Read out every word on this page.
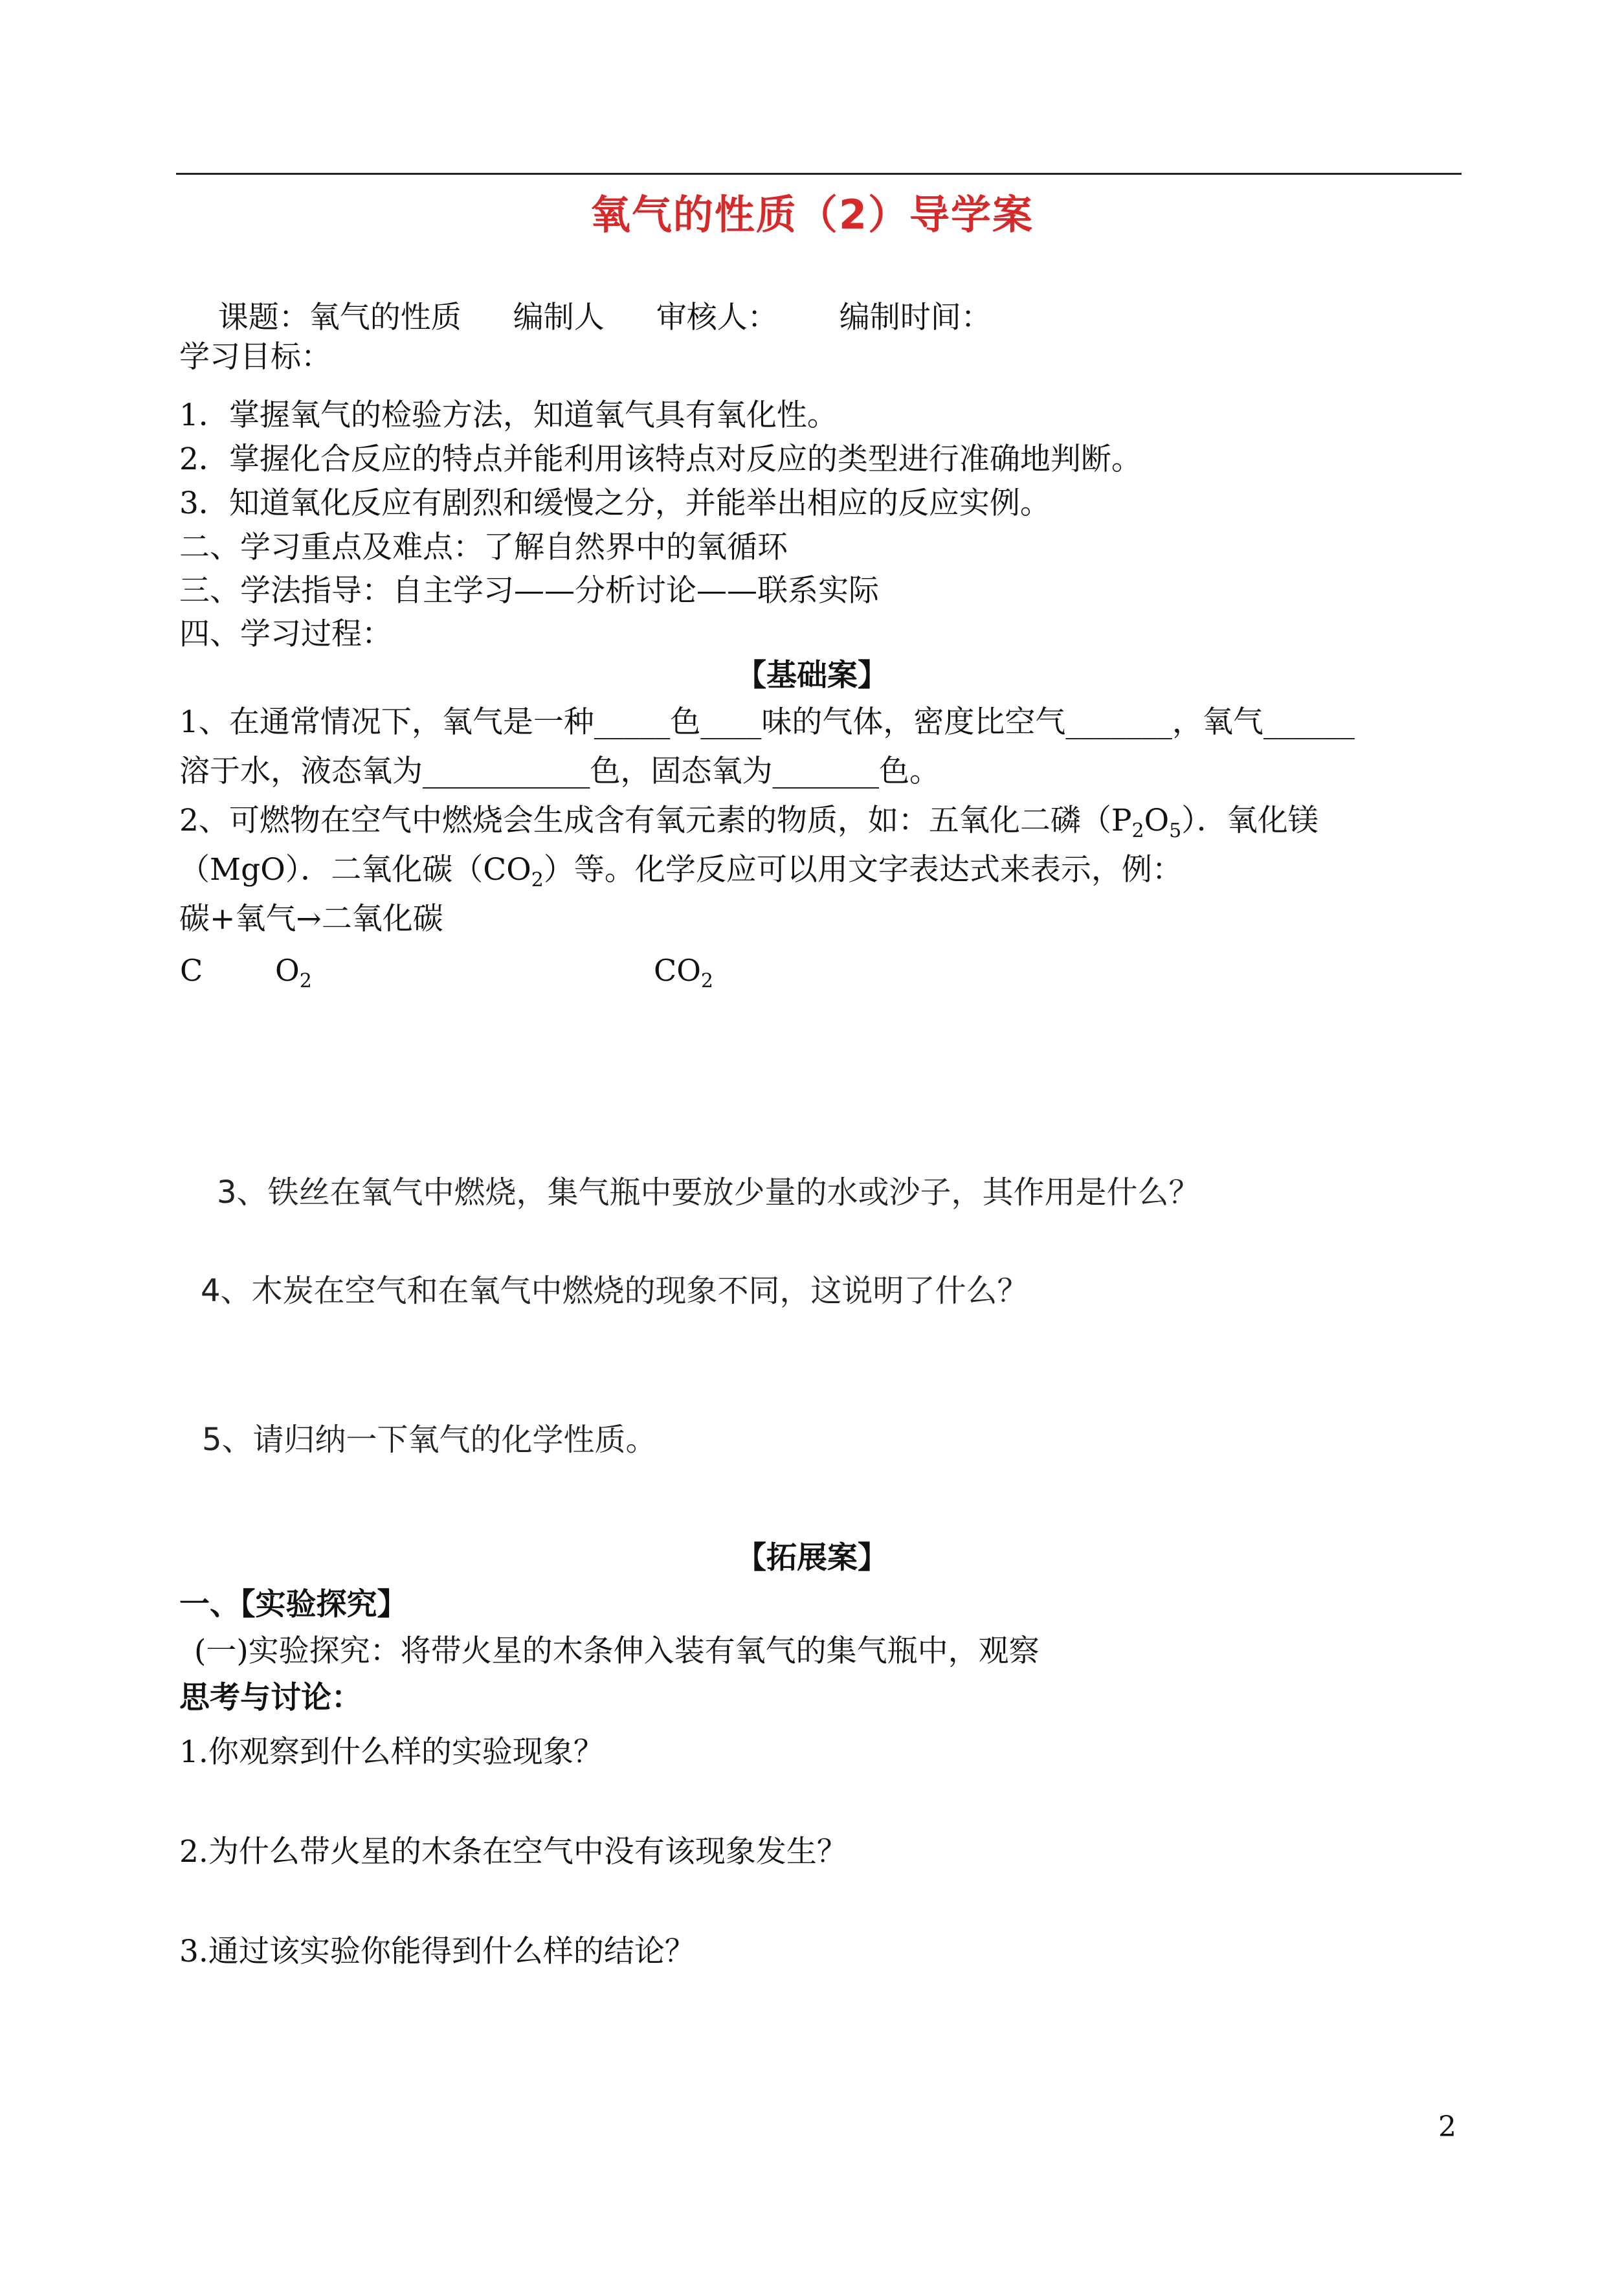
氧气的性质（2）导学案

课题：氧气的性质 编制人 审核人： 编制时间：

学习目标：
1．掌握氧气的检验方法，知道氧气具有氧化性。
2．掌握化合反应的特点并能利用该特点对反应的类型进行准确地判断。
3．知道氧化反应有剧烈和缓慢之分，并能举出相应的反应实例。
二、学习重点及难点：了解自然界中的氧循环
三、学法指导：自主学习——分析讨论——联系实际
四、学习过程：
【基础案】
1、在通常情况下，氧气是一种_____色____味的气体，密度比空气_______，氧气______
溶于水，液态氧为___________色，固态氧为_______色。
2、可燃物在空气中燃烧会生成含有氧元素的物质，如：五氧化二磷$(P_2O_5)$．氧化镁
（MgO）．二氧化碳$(CO_2)$等。化学反应可以用文字表达式来表示，例：
碳+氧气→二氧化碳
C $O_2$	$CO_2$
3、铁丝在氧气中燃烧，集气瓶中要放少量的水或沙子，其作用是什么？
4、木炭在空气和在氧气中燃烧的现象不同，这说明了什么？
5、请归纳一下氧气的化学性质。
【拓展案】
一、【实验探究】
(一)实验探究：将带火星的木条伸入装有氧气的集气瓶中，观察
思考与讨论：
1.你观察到什么样的实验现象？
2.为什么带火星的木条在空气中没有该现象发生？
3.通过该实验你能得到什么样的结论？
2
